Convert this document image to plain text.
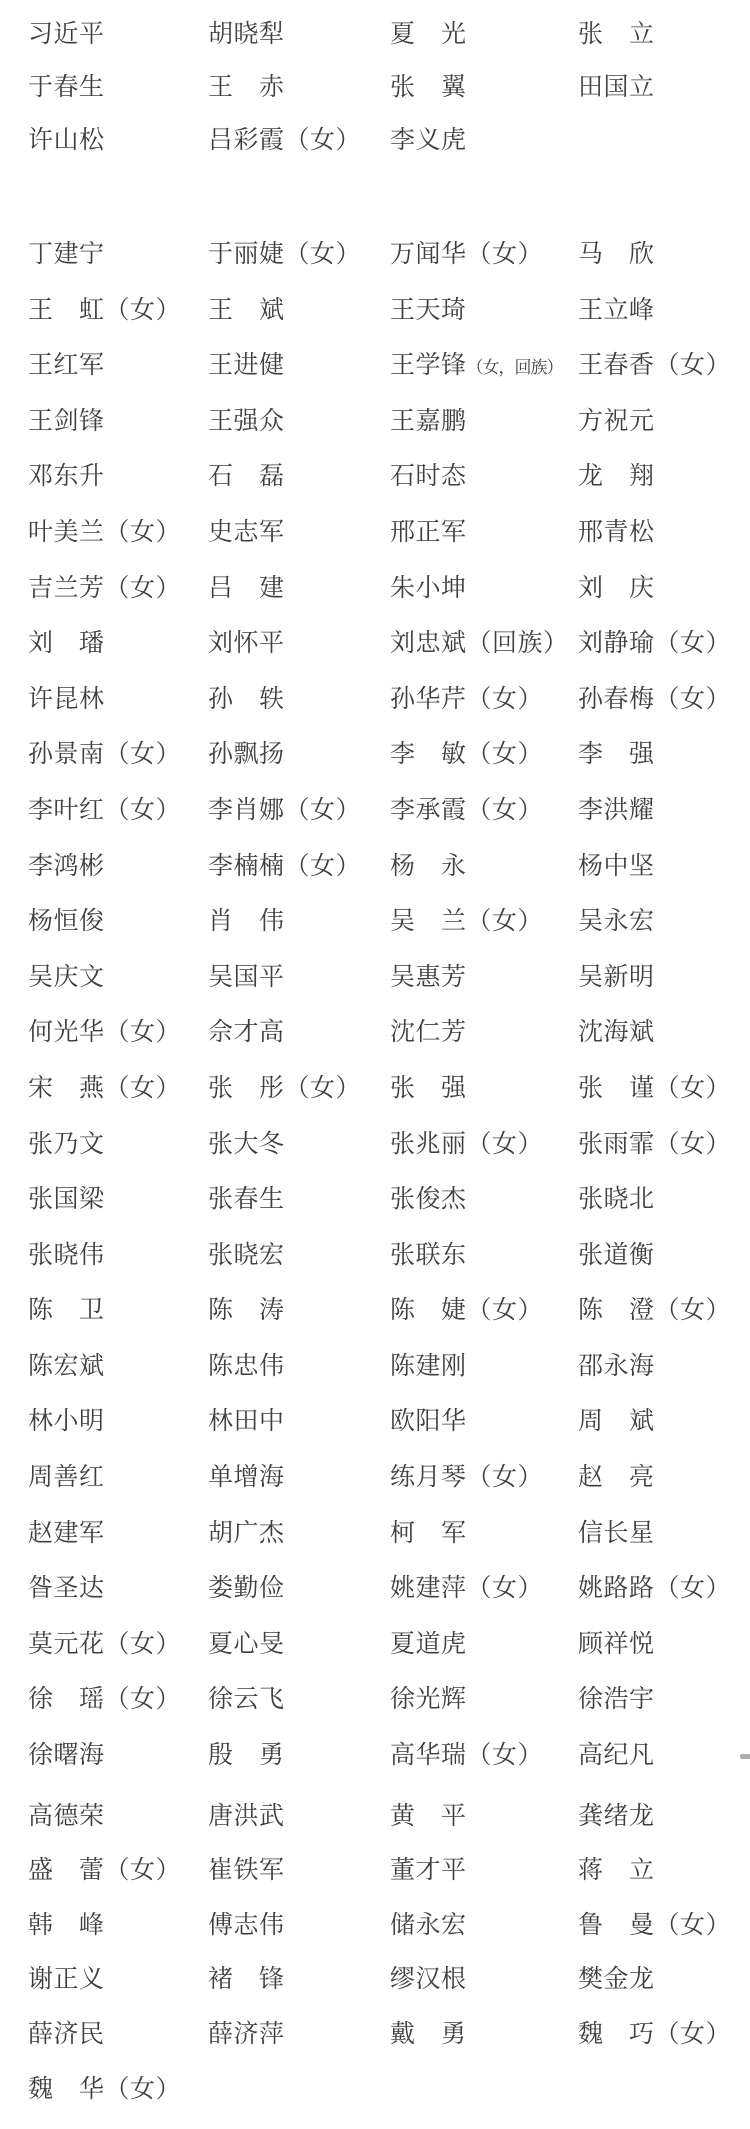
习近平	胡晓犁	夏　光	张　立
于春生	王　赤	张　翼	田国立
许山松	吕彩霞（女）	李义虎
丁建宁	于丽婕（女）	万闻华（女）	马　欣
王　虹（女）	王　斌	王天琦	王立峰
王红军	王进健	王学锋（女，回族） 王春香（女）
王剑锋	王强众	王嘉鹏	方祝元
邓东升	石　磊	石时态	龙　翔
叶美兰（女）	史志军	邢正军	邢青松
吉兰芳（女）	吕　建	朱小坤	刘　庆
刘　璠	刘怀平	刘忠斌（回族） 刘静瑜（女）
许昆林	孙　轶	孙华芹（女）	孙春梅（女）
孙景南（女）	孙飘扬	李　敏（女）	李　强
李叶红（女）	李肖娜（女）	李承霞（女）	李洪耀
李鸿彬	李楠楠（女）	杨　永	杨中坚
杨恒俊	肖　伟	吴　兰（女）	吴永宏
吴庆文	吴国平	吴惠芳	吴新明
何光华（女）	佘才高	沈仁芳	沈海斌
宋　燕（女）	张　彤（女）	张　强	张　谨（女）
张乃文	张大冬	张兆丽（女）	张雨霏（女）
张国梁	张春生	张俊杰	张晓北
张晓伟	张晓宏	张联东	张道衡
陈　卫	陈　涛	陈　婕（女）	陈　澄（女）
陈宏斌	陈忠伟	陈建刚	邵永海
林小明	林田中	欧阳华	周　斌
周善红	单增海	练月琴（女）	赵　亮
赵建军	胡广杰	柯　军	信长星
昝圣达	娄勤俭	姚建萍（女）	姚路路（女）
莫元花（女）	夏心旻	夏道虎	顾祥悦
徐　瑶（女）	徐云飞	徐光辉	徐浩宇
徐曙海	殷　勇	高华瑞（女）	高纪凡
高德荣	唐洪武	黄　平	龚绪龙
盛　蕾（女）	崔铁军	董才平	蒋　立
韩　峰	傅志伟	储永宏	鲁　曼（女）
谢正义	褚　锋	缪汉根	樊金龙
薛济民	薛济萍	戴　勇	魏　巧（女）
魏　华（女）
